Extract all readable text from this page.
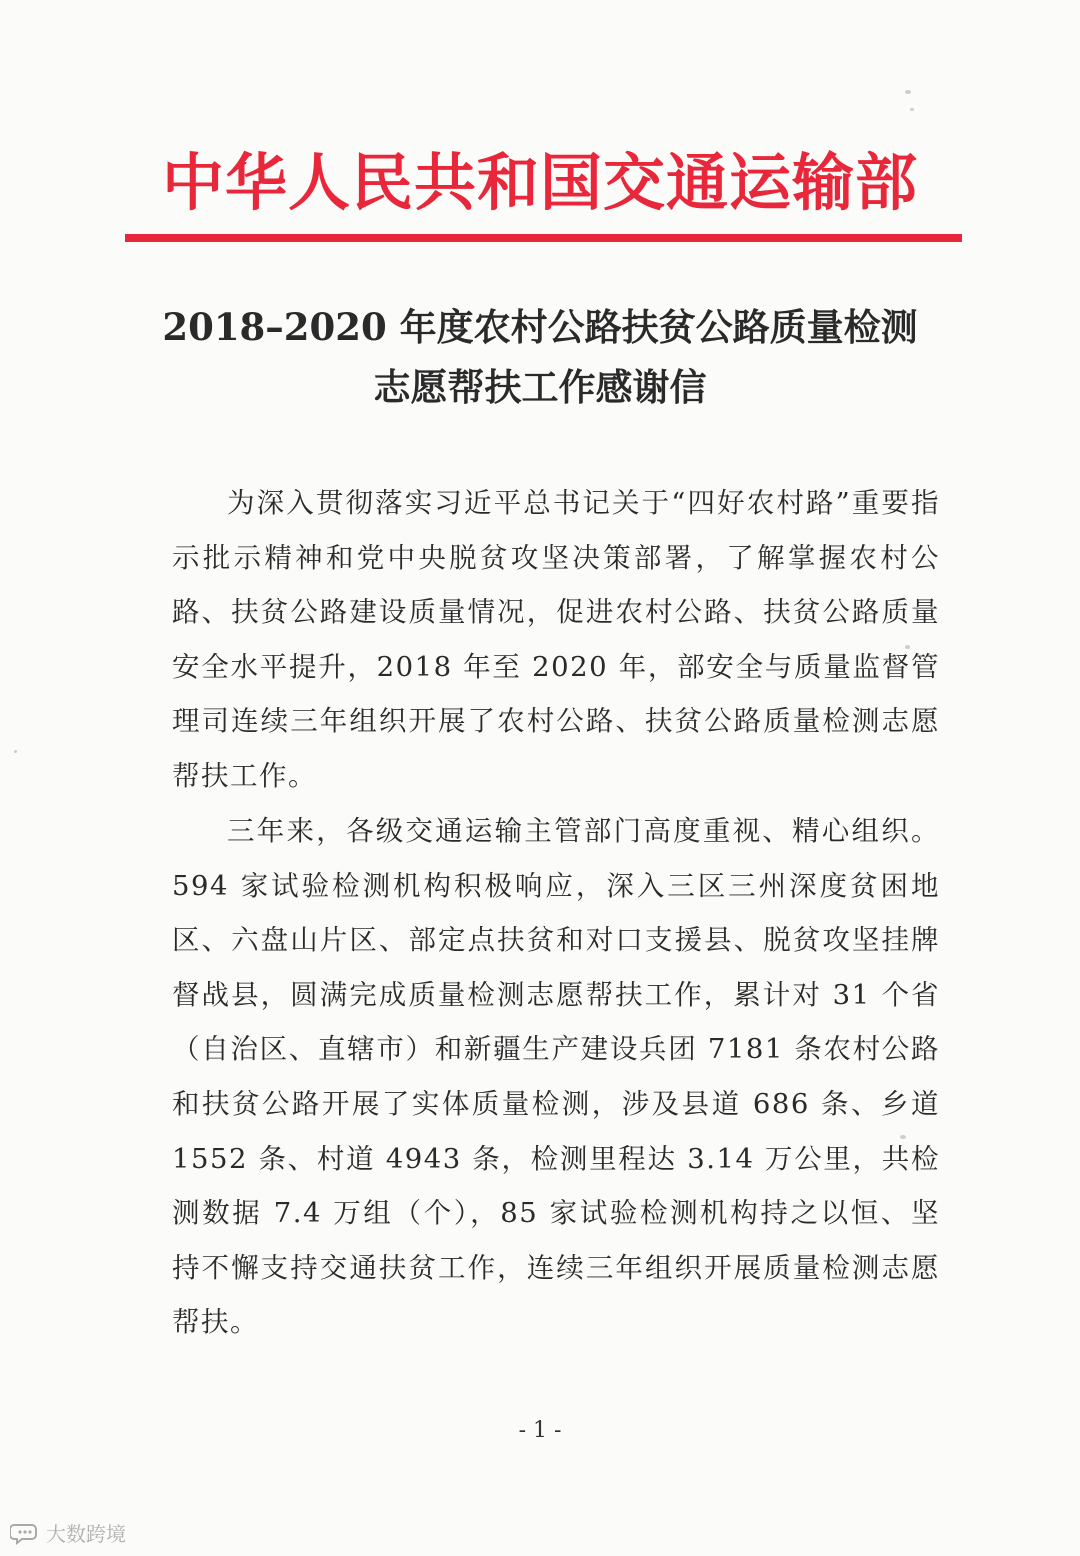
中华人民共和国交通运输部
2018–2020 年度农村公路扶贫公路质量检测
志愿帮扶工作感谢信

为深入贯彻落实习近平总书记关于“四好农村路”重要指示批示精神和党中央脱贫攻坚决策部署，了解掌握农村公路、扶贫公路建设质量情况，促进农村公路、扶贫公路质量安全水平提升，2018 年至 2020 年，部安全与质量监督管理司连续三年组织开展了农村公路、扶贫公路质量检测志愿帮扶工作。

三年来，各级交通运输主管部门高度重视、精心组织。594 家试验检测机构积极响应，深入三区三州深度贫困地区、六盘山片区、部定点扶贫和对口支援县、脱贫攻坚挂牌督战县，圆满完成质量检测志愿帮扶工作，累计对 31 个省（自治区、直辖市）和新疆生产建设兵团 7181 条农村公路和扶贫公路开展了实体质量检测，涉及县道 686 条、乡道 1552 条、村道 4943 条，检测里程达 3.14 万公里，共检测数据 7.4 万组（个），85 家试验检测机构持之以恒、坚持不懈支持交通扶贫工作，连续三年组织开展质量检测志愿帮扶。

- 1 -
大数跨境
